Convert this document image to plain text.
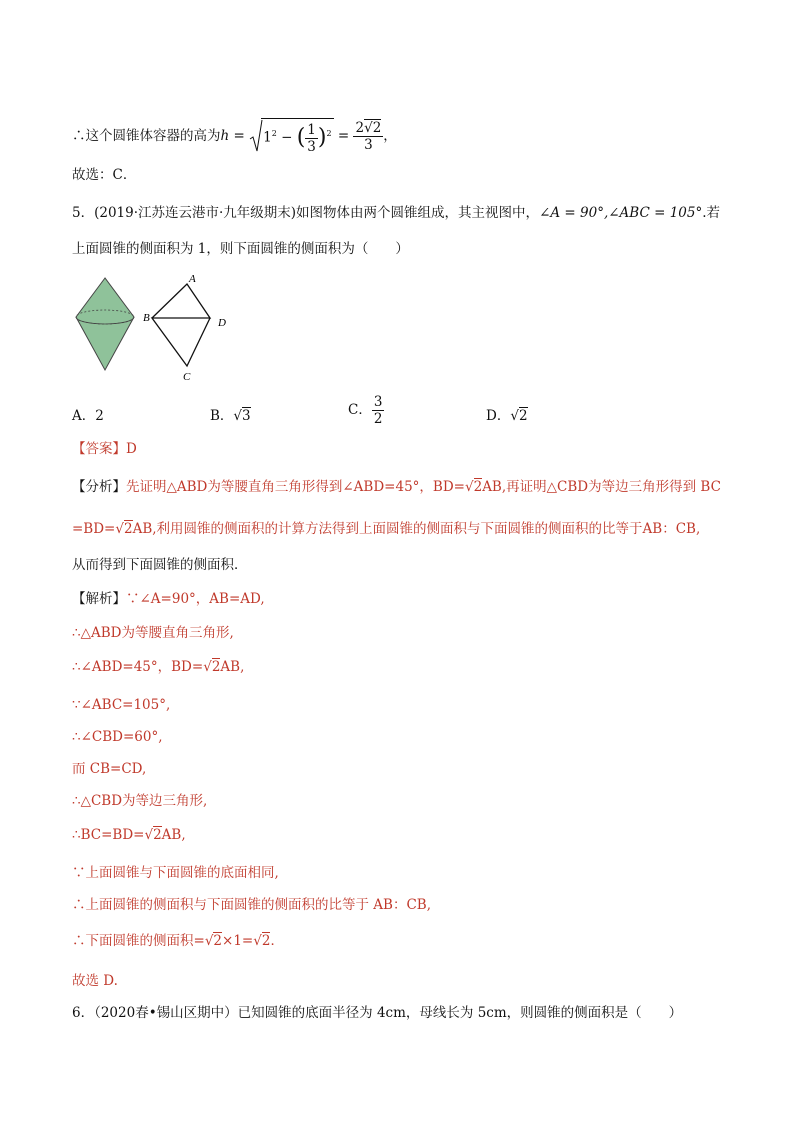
∴这个圆锥体容器的高为$h = 1^2$ − ( $\frac{1}{3} )^2 = \frac{2√2}{3}$ ，
故选：C．
5．(2019·江苏连云港市·九年级期末)如图物体由两个圆锥组成，其主视图中，∠A = 90°,∠ABC = 105°.若
上面圆锥的侧面积为 1，则下面圆锥的侧面积为（　　）
A
B	D
C
A．2	B．√3	C． $\frac{3}{2}$	D．√2
【答案】D
【分析】先证明△ABD为等腰直角三角形得到∠ABD=45°，BD=√2AB,再证明△CBD为等边三角形得到 BC
=BD=√2AB,利用圆锥的侧面积的计算方法得到上面圆锥的侧面积与下面圆锥的侧面积的比等于AB：CB,
从而得到下面圆锥的侧面积．
【解析】∵∠A=90°，AB=AD,
∴△ABD为等腰直角三角形,
∴∠ABD=45°，BD=√2AB,
∵∠ABC=105°,
∴∠CBD=60°,
而 CB=CD,
∴△CBD为等边三角形,
∴BC=BD=√2AB,
∵上面圆锥与下面圆锥的底面相同,
∴上面圆锥的侧面积与下面圆锥的侧面积的比等于 AB：CB,
∴下面圆锥的侧面积=√2×1=√2．
故选 D.
6．（2020春•锡山区期中）已知圆锥的底面半径为 4cm，母线长为 5cm，则圆锥的侧面积是（　　）
